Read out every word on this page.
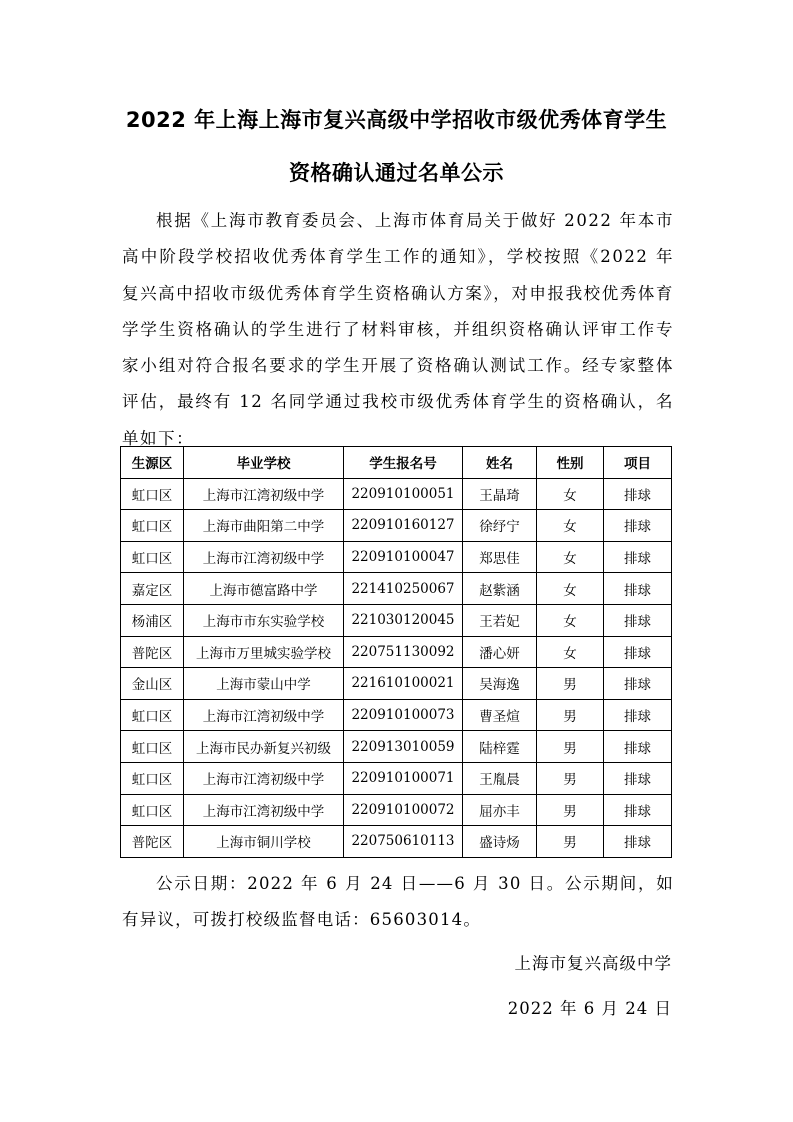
2022 年上海上海市复兴高级中学招收市级优秀体育学生
资格确认通过名单公示
根据《上海市教育委员会、上海市体育局关于做好 2022 年本市高中阶段学校招收优秀体育学生工作的通知》，学校按照《2022 年复兴高中招收市级优秀体育学生资格确认方案》，对申报我校优秀体育学学生资格确认的学生进行了材料审核，并组织资格确认评审工作专家小组对符合报名要求的学生开展了资格确认测试工作。经专家整体评估，最终有 12 名同学通过我校市级优秀体育学生的资格确认，名单如下：
生源区	毕业学校	学生报名号	姓名	性别	项目
虹口区	上海市江湾初级中学	220910100051	王晶琦	女	排球
虹口区	上海市曲阳第二中学	220910160127	徐纾宁	女	排球
虹口区	上海市江湾初级中学	220910100047	郑思佳	女	排球
嘉定区	上海市德富路中学	221410250067	赵紫涵	女	排球
杨浦区	上海市市东实验学校	221030120045	王若妃	女	排球
普陀区	上海市万里城实验学校	220751130092	潘心妍	女	排球
金山区	上海市蒙山中学	221610100021	吴海逸	男	排球
虹口区	上海市江湾初级中学	220910100073	曹圣煊	男	排球
虹口区	上海市民办新复兴初级	220913010059	陆梓霆	男	排球
虹口区	上海市江湾初级中学	220910100071	王胤晨	男	排球
虹口区	上海市江湾初级中学	220910100072	屈亦丰	男	排球
普陀区	上海市铜川学校	220750610113	盛诗炀	男	排球
公示日期：2022 年 6 月 24 日——6 月 30 日。公示期间，如有异议，可拨打校级监督电话：65603014。
上海市复兴高级中学
2022 年 6 月 24 日
